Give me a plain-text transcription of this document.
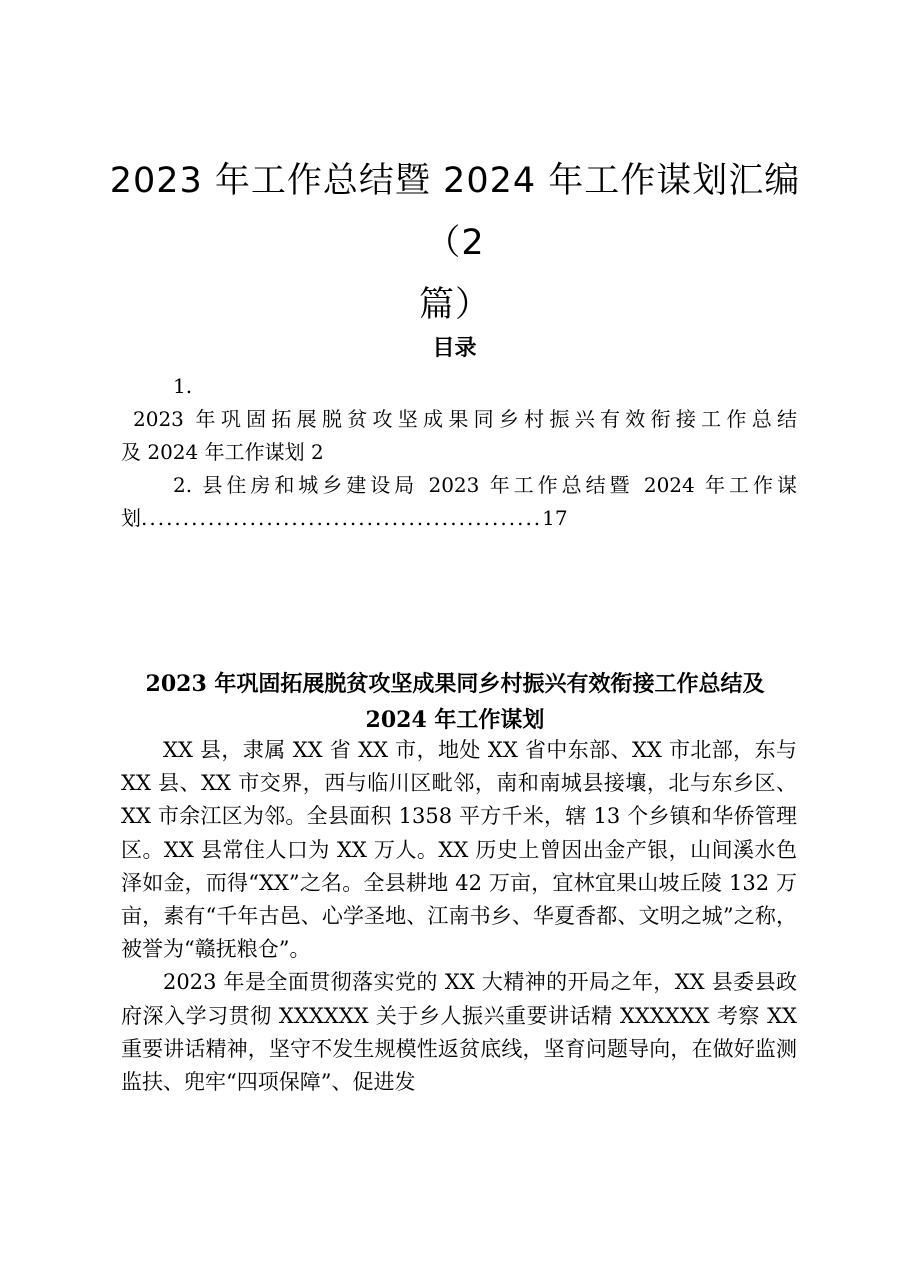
2023 年工作总结暨 2024 年工作谋划汇编（2
篇）
目录
1.
2023 年巩固拓展脱贫攻坚成果同乡村振兴有效衔接工作总结
及 2024 年工作谋划 2
2. 县住房和城乡建设局 2023 年工作总结暨 2024 年工作谋
划................................................17
2023 年巩固拓展脱贫攻坚成果同乡村振兴有效衔接工作总结及
2024 年工作谋划

XX 县，隶属 XX 省 XX 市，地处 XX 省中东部、XX 市北部，东与 XX 县、XX 市交界，西与临川区毗邻，南和南城县接壤，北与东乡区、XX 市余江区为邻。全县面积 1358 平方千米，辖 13 个乡镇和华侨管理区。XX 县常住人口为 XX 万人。XX 历史上曾因出金产银，山间溪水色泽如金，而得“XX”之名。全县耕地 42 万亩，宜林宜果山坡丘陵 132 万亩，素有“千年古邑、心学圣地、江南书乡、华夏香都、文明之城”之称，被誉为“赣抚粮仓”。

2023 年是全面贯彻落实党的 XX 大精神的开局之年，XX 县委县政府深入学习贯彻 XXXXXX 关于乡人振兴重要讲话精 XXXXXX 考察 XX 重要讲话精神，坚守不发生规模性返贫底线，坚育问题导向，在做好监测监扶、兜牢“四项保障”、促进发
